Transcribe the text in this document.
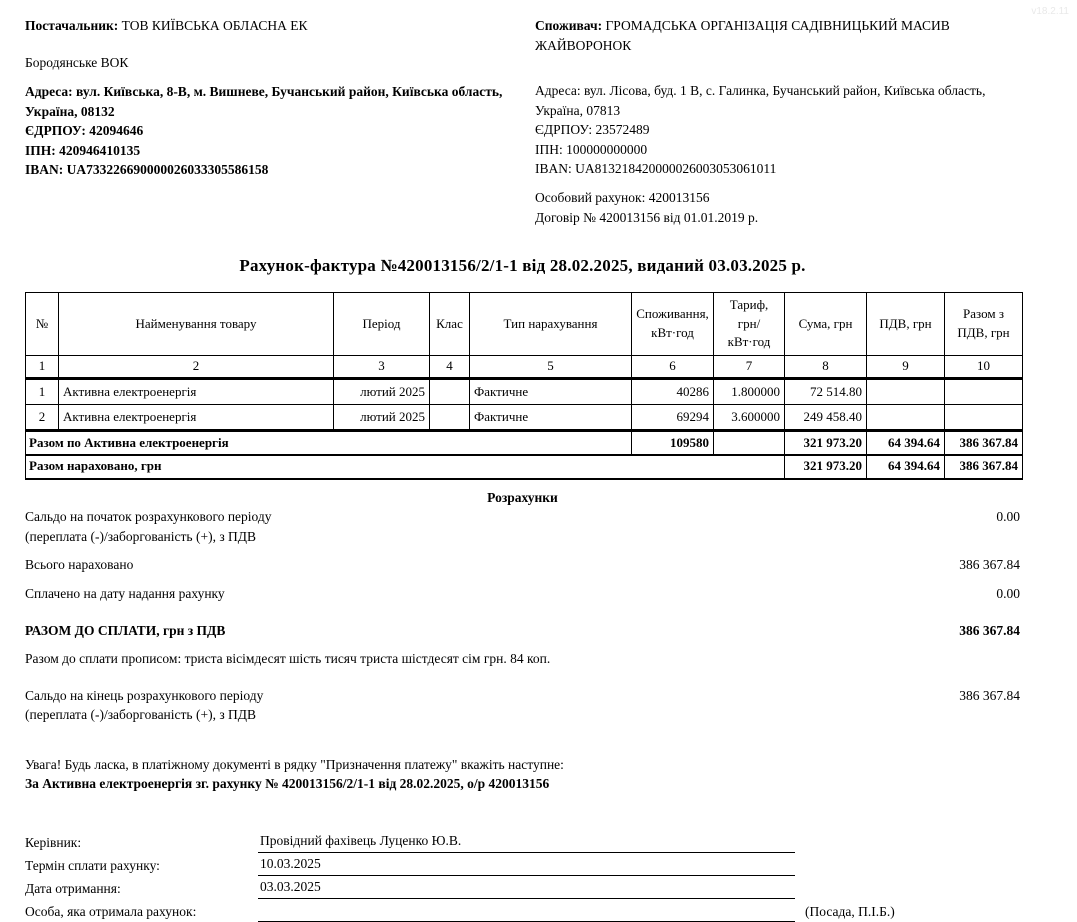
v18.2.11
Постачальник: ТОВ КИЇВСЬКА ОБЛАСНА ЕК
Бородянське ВОК
Адреса: вул. Київська, 8-В, м. Вишневе, Бучанський район, Київська область, Україна, 08132
ЄДРПОУ: 42094646
ІПН: 420946410135
IBAN: UA733226690000026033305586158
Споживач: ГРОМАДСЬКА ОРГАНІЗАЦІЯ САДІВНИЦЬКИЙ МАСИВ ЖАЙВОРОНОК
Адреса: вул. Лісова, буд. 1 В, с. Галинка, Бучанський район, Київська область, Україна, 07813
ЄДРПОУ: 23572489
ІПН: 100000000000
IBAN: UA813218420000026003053061011
Особовий рахунок: 420013156
Договір № 420013156 від 01.01.2019 р.
Рахунок-фактура №420013156/2/1-1 від 28.02.2025, виданий 03.03.2025 р.
№	Найменування товару	Період	Клас	Тип нарахування	Споживання, кВт·год	Тариф, грн/кВт·год	Сума, грн	ПДВ, грн	Разом з ПДВ, грн
1	2	3	4	5	6	7	8	9	10
1	Активна електроенергія	лютий 2025		Фактичне	40286	1.800000	72 514.80		
2	Активна електроенергія	лютий 2025		Фактичне	69294	3.600000	249 458.40		
Разом по Активна електроенергія					109580		321 973.20	64 394.64	386 367.84
Разом нараховано, грн							321 973.20	64 394.64	386 367.84
Розрахунки
Сальдо на початок розрахункового періоду	0.00
(переплата (-)/заборгованість (+), з ПДВ
Всього нараховано	386 367.84
Сплачено на дату надання рахунку	0.00
РАЗОМ ДО СПЛАТИ, грн з ПДВ	386 367.84
Разом до сплати прописом: триста вісімдесят шість тисяч триста шістдесят сім грн. 84 коп.
Сальдо на кінець розрахункового періоду	386 367.84
(переплата (-)/заборгованість (+), з ПДВ
Увага! Будь ласка, в платіжному документі в рядку "Призначення платежу" вкажіть наступне:
За Активна електроенергія зг. рахунку № 420013156/2/1-1 від 28.02.2025, о/р 420013156
Керівник:	Провідний фахівець Луценко Ю.В.
Термін сплати рахунку:	10.03.2025
Дата отримання:	03.03.2025
Особа, яка отримала рахунок:	(Посада, П.І.Б.)
